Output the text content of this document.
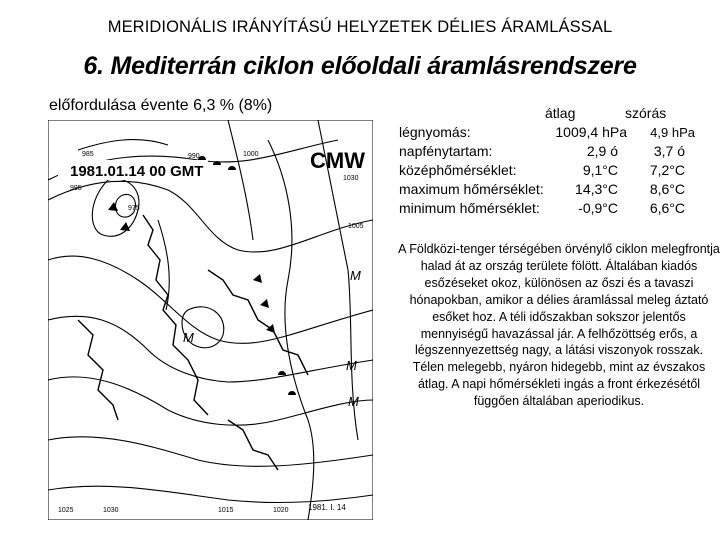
MERIDIONÁLIS IRÁNYÍTÁSÚ HELYZETEK DÉLIES ÁRAMLÁSSAL
6. Mediterrán ciklon előoldali áramlásrendszere
előfordulása évente 6,3 % (8%)
1981.01.14 00 GMT	CMW
1981. I. 14
M
M
M
M
985	990
995
1000
1005
1030
1025	1015	1020
1030
975
átlag	szórás
légnyomás:	1009,4 hPa 4,9 hPa
napfénytartam:	2,9 ó	3,7 ó
középhőmérséklet:	9,1°C 7,2°C
maximum hőmérséklet: 14,3°C 8,6°C
minimum hőmérséklet:	-0,9°C 6,6°C
A Földközi-tenger térségében örvénylő ciklon melegfrontja halad át az ország területe fölött. Általában kiadós esőzéseket okoz, különösen az őszi és a tavaszi hónapokban, amikor a délies áramlással meleg áztató esőket hoz. A téli időszakban sokszor jelentős mennyiségű havazással jár. A felhőzöttség erős, a légszennyezettség nagy, a látási viszonyok rosszak. Télen melegebb, nyáron hidegebb, mint az évszakos átlag. A napi hőmérsékleti ingás a front érkezésétől függően általában aperiodikus.
